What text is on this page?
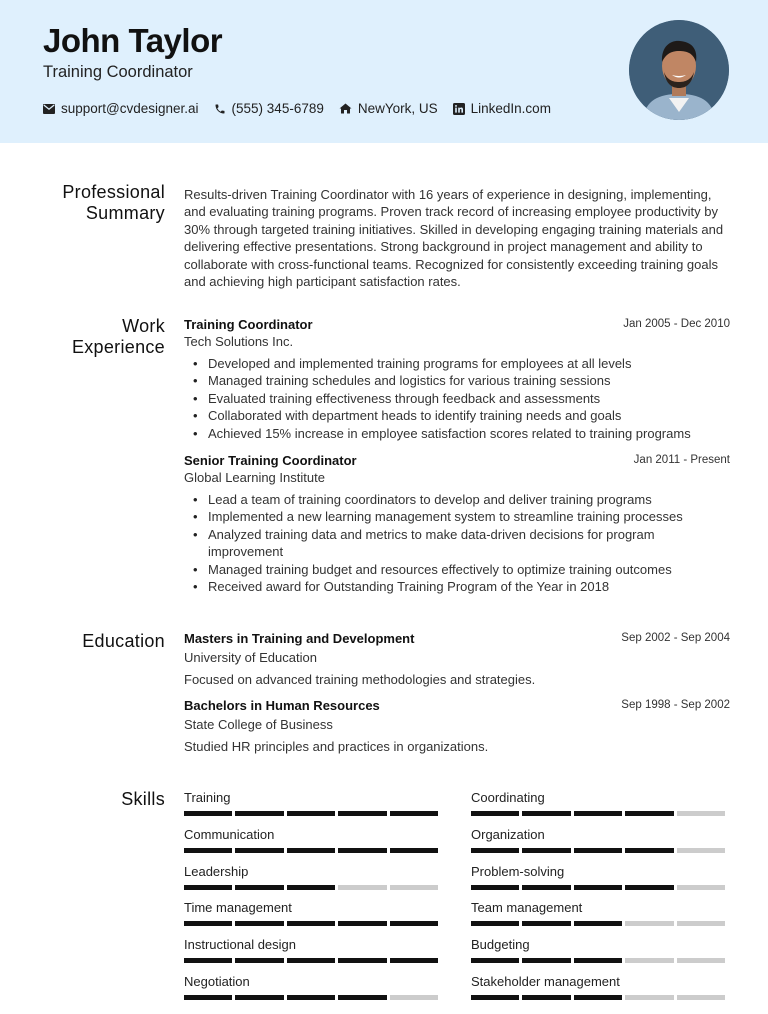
John Taylor
Training Coordinator
support@cvdesigner.ai (555) 345-6789	NewYork, US LinkedIn.com
Professional
Summary
Results-driven Training Coordinator with 16 years of experience in designing, implementing, and evaluating training programs. Proven track record of increasing employee productivity by 30% through targeted training initiatives. Skilled in developing engaging training materials and delivering effective presentations. Strong background in project management and ability to collaborate with cross-functional teams. Recognized for consistently exceeding training goals and achieving high participant satisfaction rates.
Work
Experience
Training Coordinator	Jan 2005 - Dec 2010
Tech Solutions Inc.
• Developed and implemented training programs for employees at all levels
• Managed training schedules and logistics for various training sessions
• Evaluated training effectiveness through feedback and assessments
• Collaborated with department heads to identify training needs and goals
• Achieved 15% increase in employee satisfaction scores related to training programs
Senior Training Coordinator	Jan 2011 - Present
Global Learning Institute
• Lead a team of training coordinators to develop and deliver training programs
• Implemented a new learning management system to streamline training processes
• Analyzed training data and metrics to make data-driven decisions for program improvement
• Managed training budget and resources effectively to optimize training outcomes
• Received award for Outstanding Training Program of the Year in 2018
Education Masters in Training and Development	Sep 2002 - Sep 2004
University of Education
Focused on advanced training methodologies and strategies.
Bachelors in Human Resources	Sep 1998 - Sep 2002
State College of Business
Studied HR principles and practices in organizations.
Skills Training	Coordinating
Communication	Organization
Leadership	Problem-solving
Time management	Team management
Instructional design	Budgeting
Negotiation	Stakeholder management
